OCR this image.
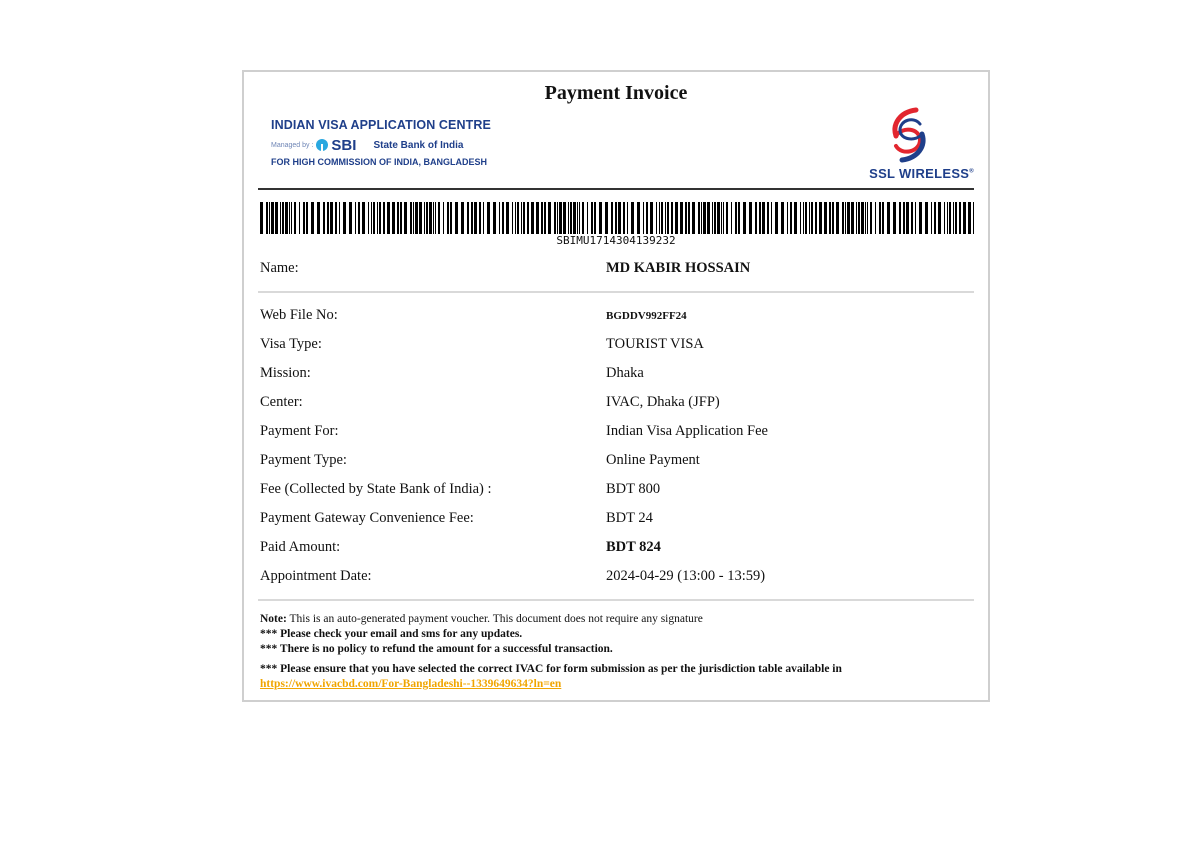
Payment Invoice
INDIAN VISA APPLICATION CENTRE
Managed by : SBI State Bank of India
FOR HIGH COMMISSION OF INDIA, BANGLADESH
SSL WIRELESS®
SBIMU1714304139232
Name:	MD KABIR HOSSAIN
Web File No:	BGDDV992FF24
Visa Type:	TOURIST VISA
Mission:	Dhaka
Center:	IVAC, Dhaka (JFP)
Payment For:	Indian Visa Application Fee
Payment Type:	Online Payment
Fee (Collected by State Bank of India) :	BDT 800
Payment Gateway Convenience Fee:	BDT 24
Paid Amount:	BDT 824
Appointment Date:	2024-04-29 (13:00 - 13:59)
Note: This is an auto-generated payment voucher. This document does not require any signature
*** Please check your email and sms for any updates.
*** There is no policy to refund the amount for a successful transaction.
*** Please ensure that you have selected the correct IVAC for form submission as per the jurisdiction table available in
https://www.ivacbd.com/For-Bangladeshi--1339649634?ln=en
